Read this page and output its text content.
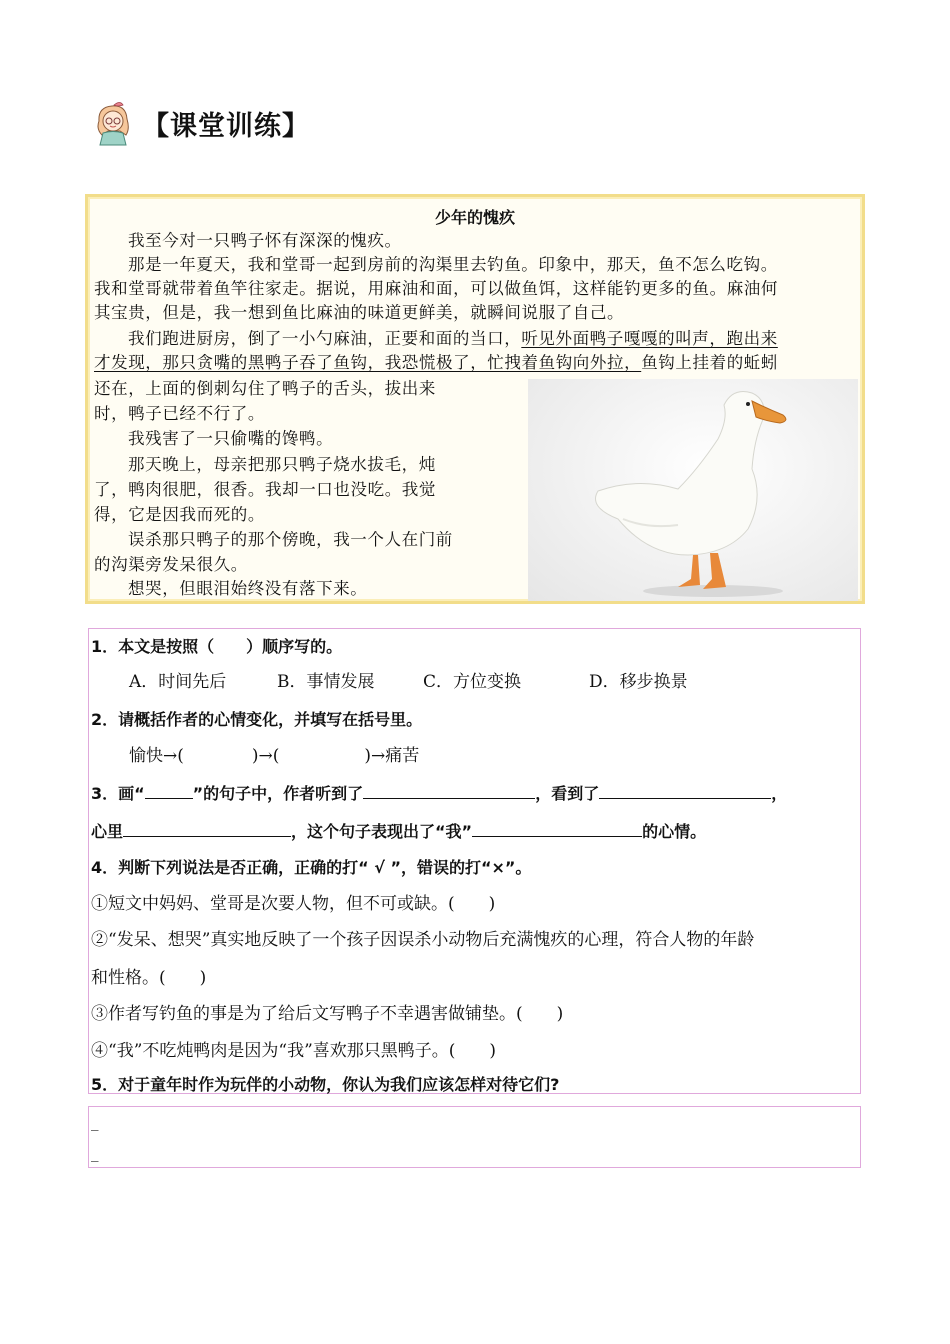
【课堂训练】
少年的愧疚
我至今对一只鸭子怀有深深的愧疚。
那是一年夏天，我和堂哥一起到房前的沟渠里去钓鱼。印象中，那天，鱼不怎么吃钩。
我和堂哥就带着鱼竿往家走。据说，用麻油和面，可以做鱼饵，这样能钓更多的鱼。麻油何
其宝贵，但是，我一想到鱼比麻油的味道更鲜美，就瞬间说服了自己。
我们跑进厨房，倒了一小勺麻油，正要和面的当口，听见外面鸭子嘎嘎的叫声，跑出来
才发现，那只贪嘴的黑鸭子吞了鱼钩，我恐慌极了，忙拽着鱼钩向外拉，鱼钩上挂着的蚯蚓
还在，上面的倒刺勾住了鸭子的舌头，拔出来
时，鸭子已经不行了。
我残害了一只偷嘴的馋鸭。
那天晚上，母亲把那只鸭子烧水拔毛，炖
了，鸭肉很肥，很香。我却一口也没吃。我觉
得，它是因我而死的。
误杀那只鸭子的那个傍晚，我一个人在门前
的沟渠旁发呆很久。
想哭，但眼泪始终没有落下来。
1．本文是按照（　　）顺序写的。
A．时间先后	B．事情发展	C．方位变换	D．移步换景
2．请概括作者的心情变化，并填写在括号里。
愉快→(　　　　)→(　　　　　)→痛苦
3．画“	”的句子中，作者听到了	，看到了	，
心里	，这个句子表现出了“我”	的心情。
4．判断下列说法是否正确，正确的打“ √ ”，错误的打“×”。
①短文中妈妈、堂哥是次要人物，但不可或缺。(　　)
②“发呆、想哭”真实地反映了一个孩子因误杀小动物后充满愧疚的心理，符合人物的年龄
和性格。(　　)
③作者写钓鱼的事是为了给后文写鸭子不幸遇害做铺垫。(　　)
④“我”不吃炖鸭肉是因为“我”喜欢那只黑鸭子。(　　)
5．对于童年时作为玩伴的小动物，你认为我们应该怎样对待它们?
_
_
